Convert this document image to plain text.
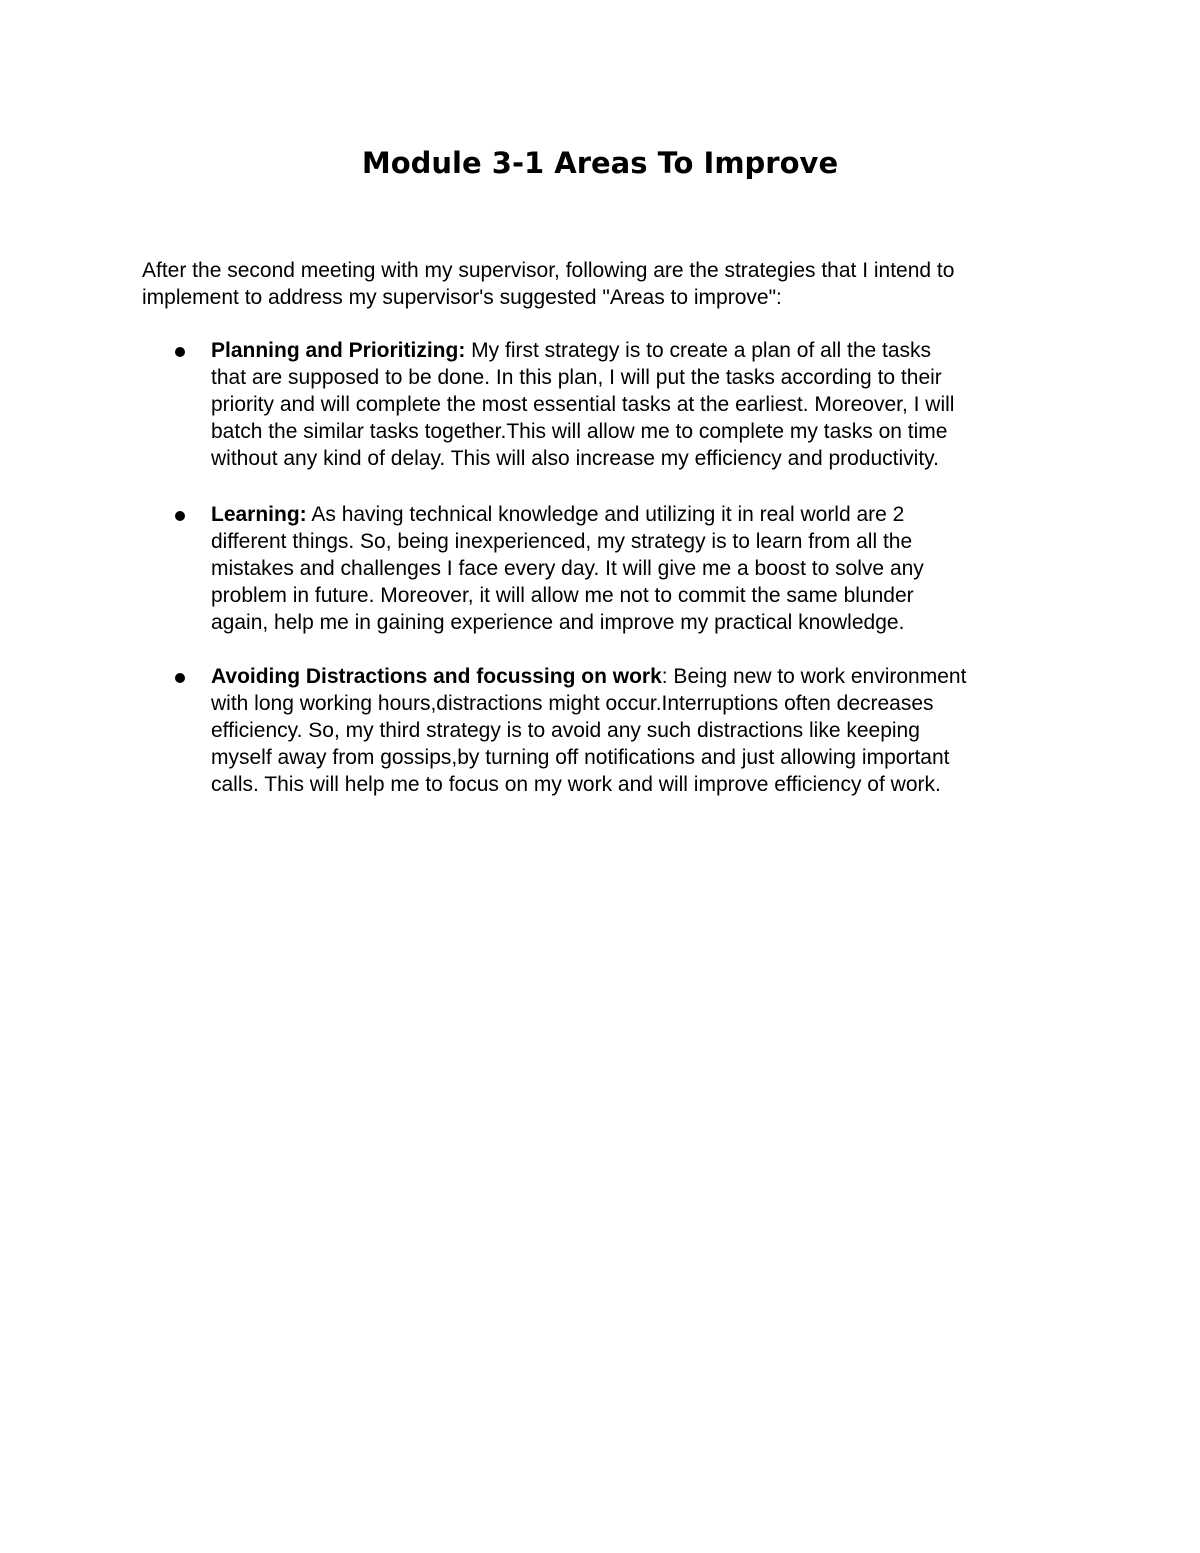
Module 3-1 Areas To Improve
After the second meeting with my supervisor, following are the strategies that I intend to
implement to address my supervisor's suggested "Areas to improve":
Planning and Prioritizing: My first strategy is to create a plan of all the tasks
that are supposed to be done. In this plan, I will put the tasks according to their
priority and will complete the most essential tasks at the earliest. Moreover, I will
batch the similar tasks together.This will allow me to complete my tasks on time
without any kind of delay. This will also increase my efficiency and productivity.
Learning: As having technical knowledge and utilizing it in real world are 2
different things. So, being inexperienced, my strategy is to learn from all the
mistakes and challenges I face every day. It will give me a boost to solve any
problem in future. Moreover, it will allow me not to commit the same blunder
again, help me in gaining experience and improve my practical knowledge.
Avoiding Distractions and focussing on work: Being new to work environment
with long working hours,distractions might occur.Interruptions often decreases
efficiency. So, my third strategy is to avoid any such distractions like keeping
myself away from gossips,by turning off notifications and just allowing important
calls. This will help me to focus on my work and will improve efficiency of work.
